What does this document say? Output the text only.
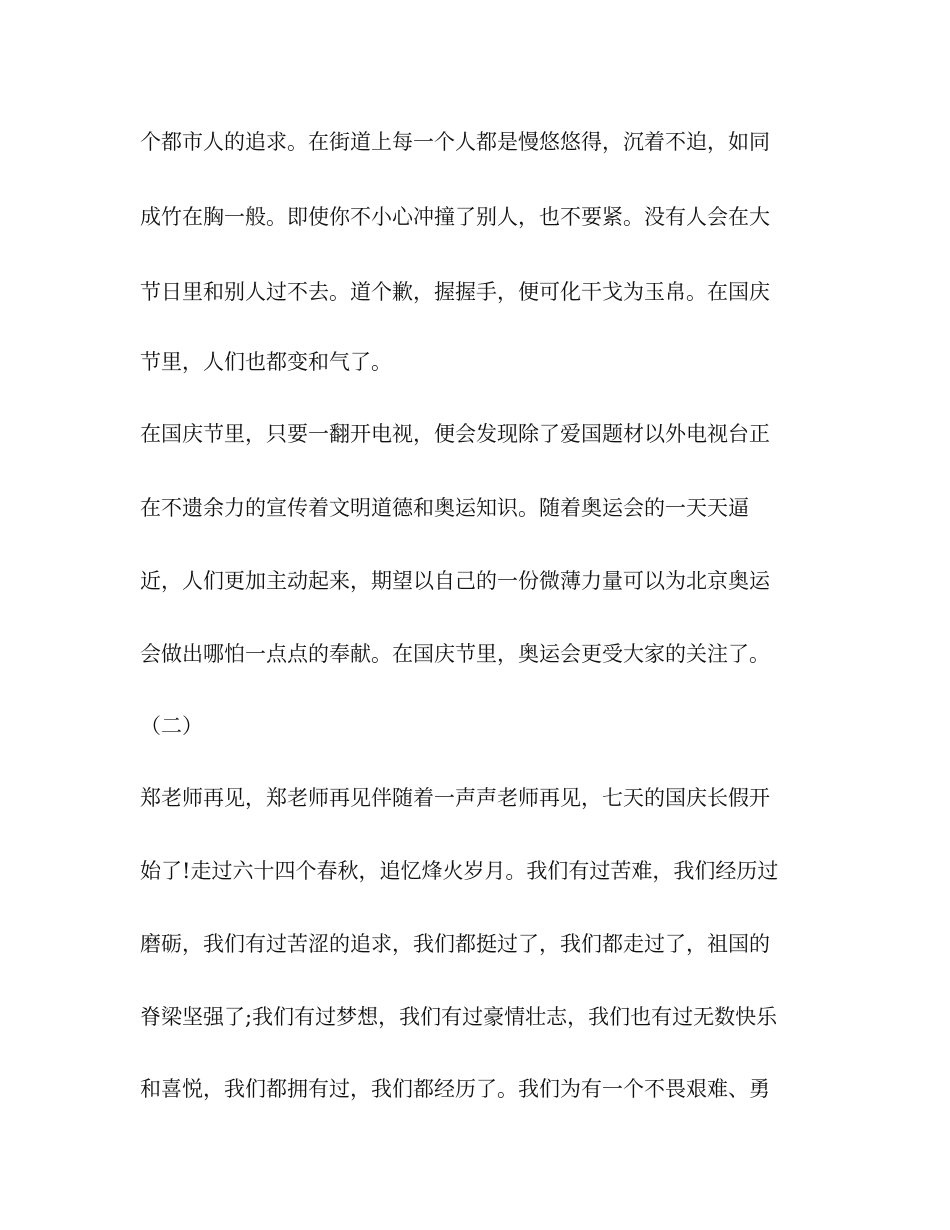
个都市人的追求。在街道上每一个人都是慢悠悠得，沉着不迫，如同

成竹在胸一般。即使你不小心冲撞了别人，也不要紧。没有人会在大

节日里和别人过不去。道个歉，握握手，便可化干戈为玉帛。在国庆

节里，人们也都变和气了。

在国庆节里，只要一翻开电视，便会发现除了爱国题材以外电视台正

在不遗余力的宣传着文明道德和奥运知识。随着奥运会的一天天逼

近，人们更加主动起来，期望以自己的一份微薄力量可以为北京奥运

会做出哪怕一点点的奉献。在国庆节里，奥运会更受大家的关注了。

（二）

郑老师再见，郑老师再见伴随着一声声老师再见，七天的国庆长假开

始了!走过六十四个春秋，追忆烽火岁月。我们有过苦难，我们经历过

磨砺，我们有过苦涩的追求，我们都挺过了，我们都走过了，祖国的

脊梁坚强了;我们有过梦想，我们有过豪情壮志，我们也有过无数快乐

和喜悦，我们都拥有过，我们都经历了。我们为有一个不畏艰难、勇
